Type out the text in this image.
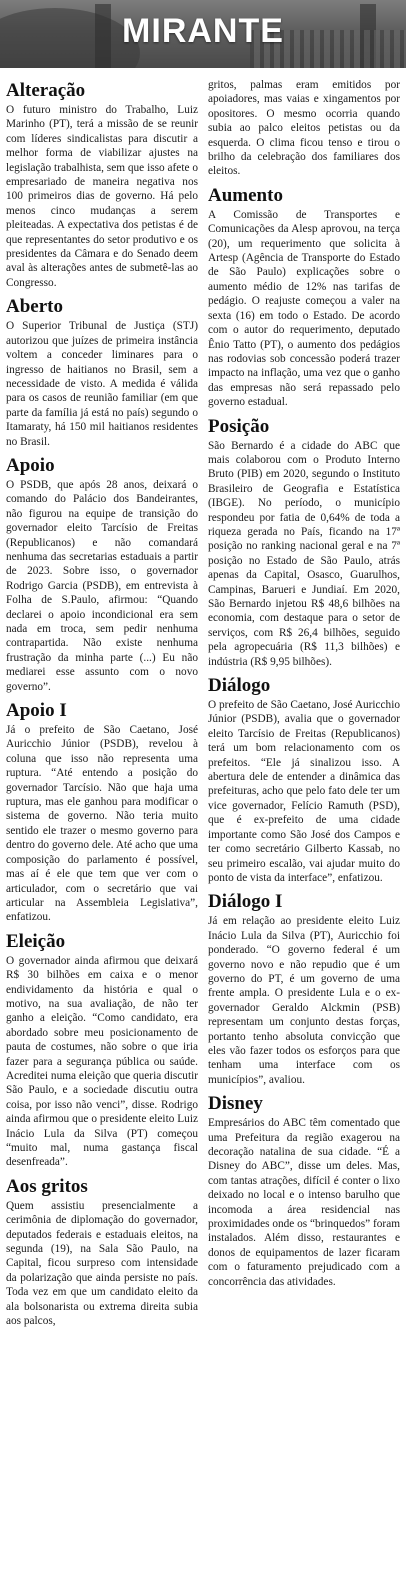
MIRANTE
Alteração

O futuro ministro do Trabalho, Luiz Marinho (PT), terá a missão de se reunir com líderes sindicalistas para discutir a melhor forma de viabilizar ajustes na legislação trabalhista, sem que isso afete o empresariado de maneira negativa nos 100 primeiros dias de governo. Há pelo menos cinco mudanças a serem pleiteadas. A expectativa dos petistas é de que representantes do setor produtivo e os presidentes da Câmara e do Senado deem aval às alterações antes de submetê-las ao Congresso.

Aberto

O Superior Tribunal de Justiça (STJ) autorizou que juízes de primeira instância voltem a conceder liminares para o ingresso de haitianos no Brasil, sem a necessidade de visto. A medida é válida para os casos de reunião familiar (em que parte da família já está no país) segundo o Itamaraty, há 150 mil haitianos residentes no Brasil.

Apoio

O PSDB, que após 28 anos, deixará o comando do Palácio dos Bandeirantes, não figurou na equipe de transição do governador eleito Tarcísio de Freitas (Republicanos) e não comandará nenhuma das secretarias estaduais a partir de 2023. Sobre isso, o governador Rodrigo Garcia (PSDB), em entrevista à Folha de S.Paulo, afirmou: “Quando declarei o apoio incondicional era sem nada em troca, sem pedir nenhuma contrapartida. Não existe nenhuma frustração da minha parte (...) Eu não mediarei esse assunto com o novo governo”.

Apoio I

Já o prefeito de São Caetano, José Auricchio Júnior (PSDB), revelou à coluna que isso não representa uma ruptura. “Até entendo a posição do governador Tarcísio. Não que haja uma ruptura, mas ele ganhou para modificar o sistema de governo. Não teria muito sentido ele trazer o mesmo governo para dentro do governo dele. Até acho que uma composição do parlamento é possível, mas aí é ele que tem que ver com o articulador, com o secretário que vai articular na Assembleia Legislativa”, enfatizou.

Eleição

O governador ainda afirmou que deixará R$ 30 bilhões em caixa e o menor endividamento da história e qual o motivo, na sua avaliação, de não ter ganho a eleição. “Como candidato, era abordado sobre meu posicionamento de pauta de costumes, não sobre o que iria fazer para a segurança pública ou saúde. Acreditei numa eleição que queria discutir São Paulo, e a sociedade discutiu outra coisa, por isso não venci”, disse. Rodrigo ainda afirmou que o presidente eleito Luiz Inácio Lula da Silva (PT) começou “muito mal, numa gastança fiscal desenfreada”.

Aos gritos

Quem assistiu presencialmente a cerimônia de diplomação do governador, deputados federais e estaduais eleitos, na segunda (19), na Sala São Paulo, na Capital, ficou surpreso com intensidade da polarização que ainda persiste no país. Toda vez em que um candidato eleito da ala bolsonarista ou extrema direita subia aos palcos,

gritos, palmas eram emitidos por apoiadores, mas vaias e xingamentos por opositores. O mesmo ocorria quando subia ao palco eleitos petistas ou da esquerda. O clima ficou tenso e tirou o brilho da celebração dos familiares dos eleitos.

Aumento

A Comissão de Transportes e Comunicações da Alesp aprovou, na terça (20), um requerimento que solicita à Artesp (Agência de Transporte do Estado de São Paulo) explicações sobre o aumento médio de 12% nas tarifas de pedágio. O reajuste começou a valer na sexta (16) em todo o Estado. De acordo com o autor do requerimento, deputado Ênio Tatto (PT), o aumento dos pedágios nas rodovias sob concessão poderá trazer impacto na inflação, uma vez que o ganho das empresas não será repassado pelo governo estadual.

Posição

São Bernardo é a cidade do ABC que mais colaborou com o Produto Interno Bruto (PIB) em 2020, segundo o Instituto Brasileiro de Geografia e Estatística (IBGE). No período, o município respondeu por fatia de 0,64% de toda a riqueza gerada no País, ficando na 17ª posição no ranking nacional geral e na 7ª posição no Estado de São Paulo, atrás apenas da Capital, Osasco, Guarulhos, Campinas, Barueri e Jundiaí. Em 2020, São Bernardo injetou R$ 48,6 bilhões na economia, com destaque para o setor de serviços, com R$ 26,4 bilhões, seguido pela agropecuária (R$ 11,3 bilhões) e indústria (R$ 9,95 bilhões).

Diálogo

O prefeito de São Caetano, José Auricchio Júnior (PSDB), avalia que o governador eleito Tarcísio de Freitas (Republicanos) terá um bom relacionamento com os prefeitos. “Ele já sinalizou isso. A abertura dele de entender a dinâmica das prefeituras, acho que pelo fato dele ter um vice governador, Felício Ramuth (PSD), que é ex-prefeito de uma cidade importante como São José dos Campos e ter como secretário Gilberto Kassab, no seu primeiro escalão, vai ajudar muito do ponto de vista da interface”, enfatizou.

Diálogo I

Já em relação ao presidente eleito Luiz Inácio Lula da Silva (PT), Auricchio foi ponderado. “O governo federal é um governo novo e não repudio que é um governo do PT, é um governo de uma frente ampla. O presidente Lula e o ex-governador Geraldo Alckmin (PSB) representam um conjunto destas forças, portanto tenho absoluta convicção que eles vão fazer todos os esforços para que tenham uma interface com os municípios”, avaliou.

Disney

Empresários do ABC têm comentado que uma Prefeitura da região exagerou na decoração natalina de sua cidade. “É a Disney do ABC”, disse um deles. Mas, com tantas atrações, difícil é conter o lixo deixado no local e o intenso barulho que incomoda a área residencial nas proximidades onde os “brinquedos” foram instalados. Além disso, restaurantes e donos de equipamentos de lazer ficaram com o faturamento prejudicado com a concorrência das atividades.
